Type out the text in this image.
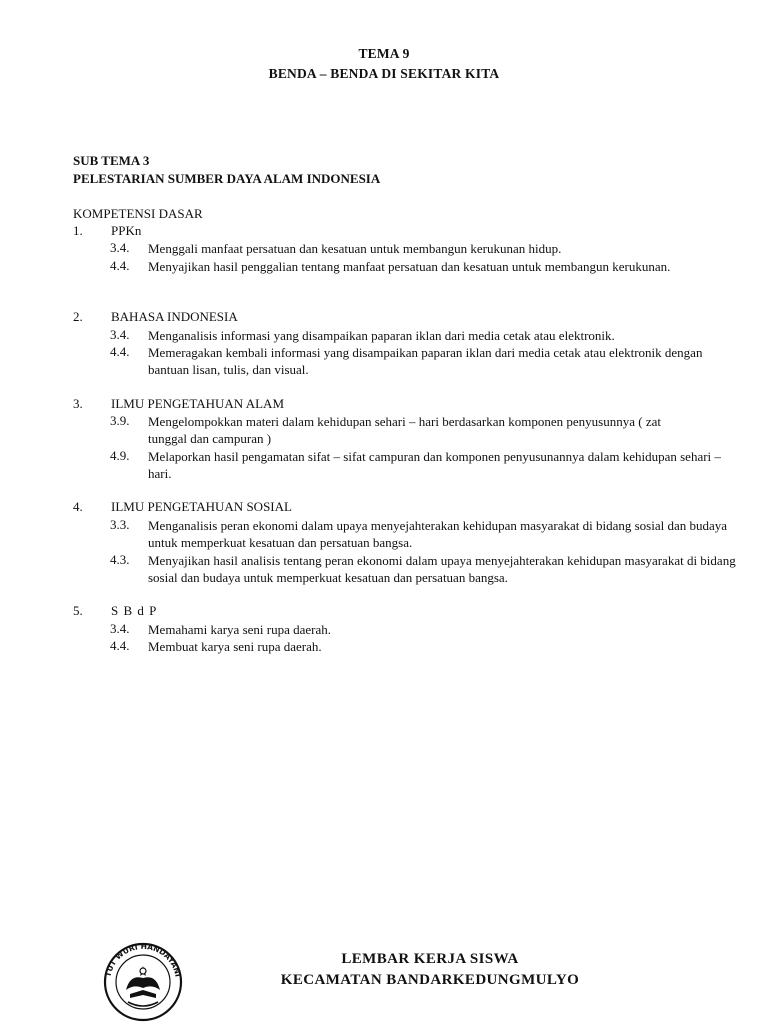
TEMA 9
BENDA – BENDA DI SEKITAR KITA
SUB TEMA 3
PELESTARIAN SUMBER DAYA ALAM INDONESIA
KOMPETENSI DASAR
1. PPKn
3.4. Menggali manfaat persatuan dan kesatuan untuk membangun kerukunan hidup.
4.4. Menyajikan hasil penggalian tentang manfaat persatuan dan kesatuan untuk membangun kerukunan.
2. BAHASA INDONESIA
3.4. Menganalisis informasi yang disampaikan paparan iklan dari media cetak atau elektronik.
4.4. Memeragakan kembali informasi yang disampaikan paparan iklan dari media cetak atau elektronik dengan bantuan lisan, tulis, dan visual.
3. ILMU PENGETAHUAN ALAM
3.9. Mengelompokkan materi dalam kehidupan sehari – hari berdasarkan komponen penyusunnya ( zat tunggal dan campuran )
4.9. Melaporkan hasil pengamatan sifat – sifat campuran dan komponen penyusunannya dalam kehidupan sehari – hari.
4. ILMU PENGETAHUAN SOSIAL
3.3. Menganalisis peran ekonomi dalam upaya menyejahterakan kehidupan masyarakat di bidang sosial dan budaya untuk memperkuat kesatuan dan persatuan bangsa.
4.3. Menyajikan hasil analisis tentang peran ekonomi dalam upaya menyejahterakan kehidupan masyarakat di bidang sosial dan budaya untuk memperkuat kesatuan dan persatuan bangsa.
5. S B d P
3.4. Memahami karya seni rupa daerah.
4.4. Membuat karya seni rupa daerah.
TUT WURI HANDAYANI
LEMBAR KERJA SISWA
KECAMATAN BANDARKEDUNGMULYO
